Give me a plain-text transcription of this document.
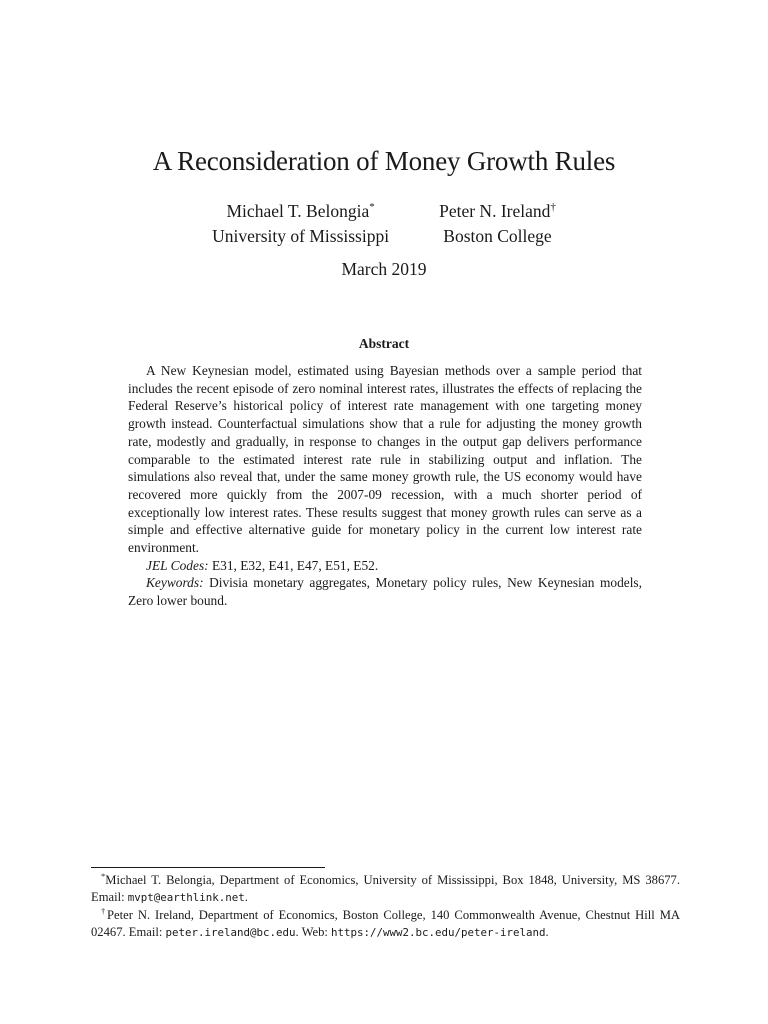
A Reconsideration of Money Growth Rules
Michael T. Belongia*
University of Mississippi
Peter N. Ireland†
Boston College
March 2019
Abstract

A New Keynesian model, estimated using Bayesian methods over a sample period that includes the recent episode of zero nominal interest rates, illustrates the effects of replacing the Federal Reserve’s historical policy of interest rate management with one targeting money growth instead. Counterfactual simulations show that a rule for adjusting the money growth rate, modestly and gradually, in response to changes in the output gap delivers performance comparable to the estimated interest rate rule in stabilizing output and inflation. The simulations also reveal that, under the same money growth rule, the US economy would have recovered more quickly from the 2007-09 recession, with a much shorter period of exceptionally low interest rates. These results suggest that money growth rules can serve as a simple and effective alternative guide for monetary policy in the current low interest rate environment.

JEL Codes: E31, E32, E41, E47, E51, E52.

Keywords: Divisia monetary aggregates, Monetary policy rules, New Keynesian models, Zero lower bound.

*Michael T. Belongia, Department of Economics, University of Mississippi, Box 1848, University, MS 38677. Email: mvpt@earthlink.net.

†Peter N. Ireland, Department of Economics, Boston College, 140 Commonwealth Avenue, Chestnut Hill MA 02467. Email: peter.ireland@bc.edu. Web: https://www2.bc.edu/peter-ireland.
